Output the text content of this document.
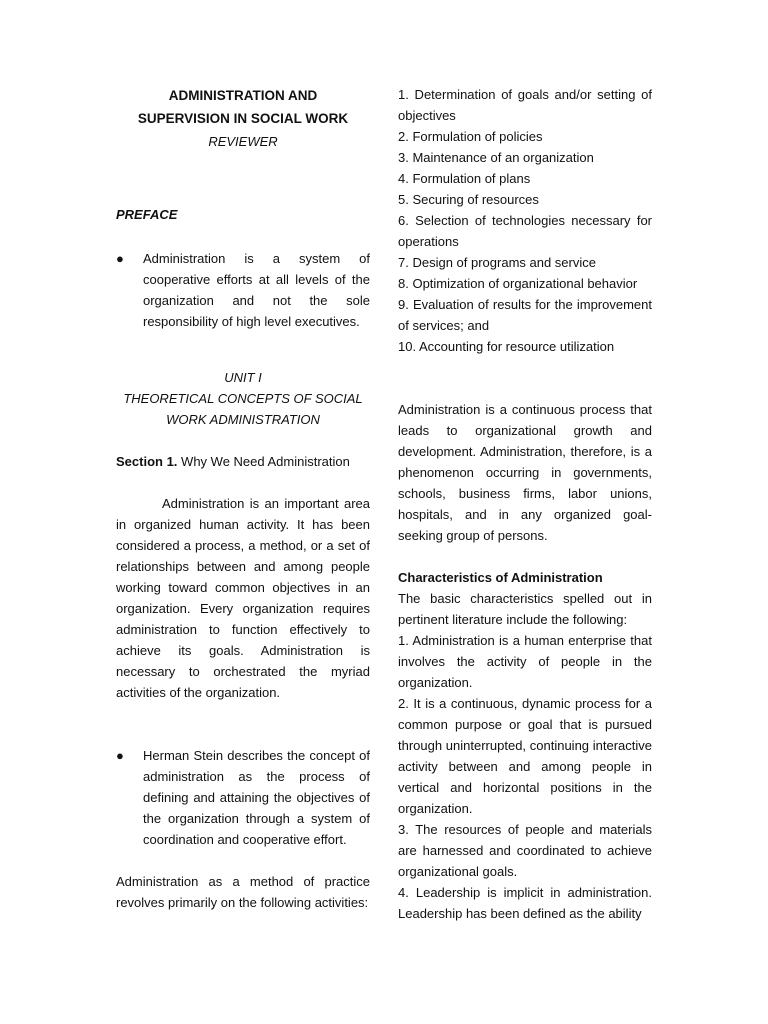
ADMINISTRATION AND
SUPERVISION IN SOCIAL WORK
REVIEWER
PREFACE
●	Administration is a system of cooperative efforts at all levels of the organization and not the sole responsibility of high level executives.
UNIT I
THEORETICAL CONCEPTS OF SOCIAL
WORK ADMINISTRATION
Section 1. Why We Need Administration

Administration is an important area in organized human activity. It has been considered a process, a method, or a set of relationships between and among people working toward common objectives in an organization. Every organization requires administration to function effectively to achieve its goals. Administration is necessary to orchestrated the myriad activities of the organization.

●	Herman Stein describes the concept of administration as the process of defining and attaining the objectives of the organization through a system of coordination and cooperative effort.

Administration as a method of practice revolves primarily on the following activities:

1. Determination of goals and/or setting of objectives

2. Formulation of policies

3. Maintenance of an organization

4. Formulation of plans

5. Securing of resources

6. Selection of technologies necessary for operations

7. Design of programs and service

8. Optimization of organizational behavior

9. Evaluation of results for the improvement of services; and

10. Accounting for resource utilization

Administration is a continuous process that leads to organizational growth and development. Administration, therefore, is a phenomenon occurring in governments, schools, business firms, labor unions, hospitals, and in any organized goal-seeking group of persons.

Characteristics of Administration

The basic characteristics spelled out in pertinent literature include the following:

1. Administration is a human enterprise that involves the activity of people in the organization.

2. It is a continuous, dynamic process for a common purpose or goal that is pursued through uninterrupted, continuing interactive activity between and among people in vertical and horizontal positions in the organization.

3. The resources of people and materials are harnessed and coordinated to achieve organizational goals.

4. Leadership is implicit in administration. Leadership has been defined as the ability
